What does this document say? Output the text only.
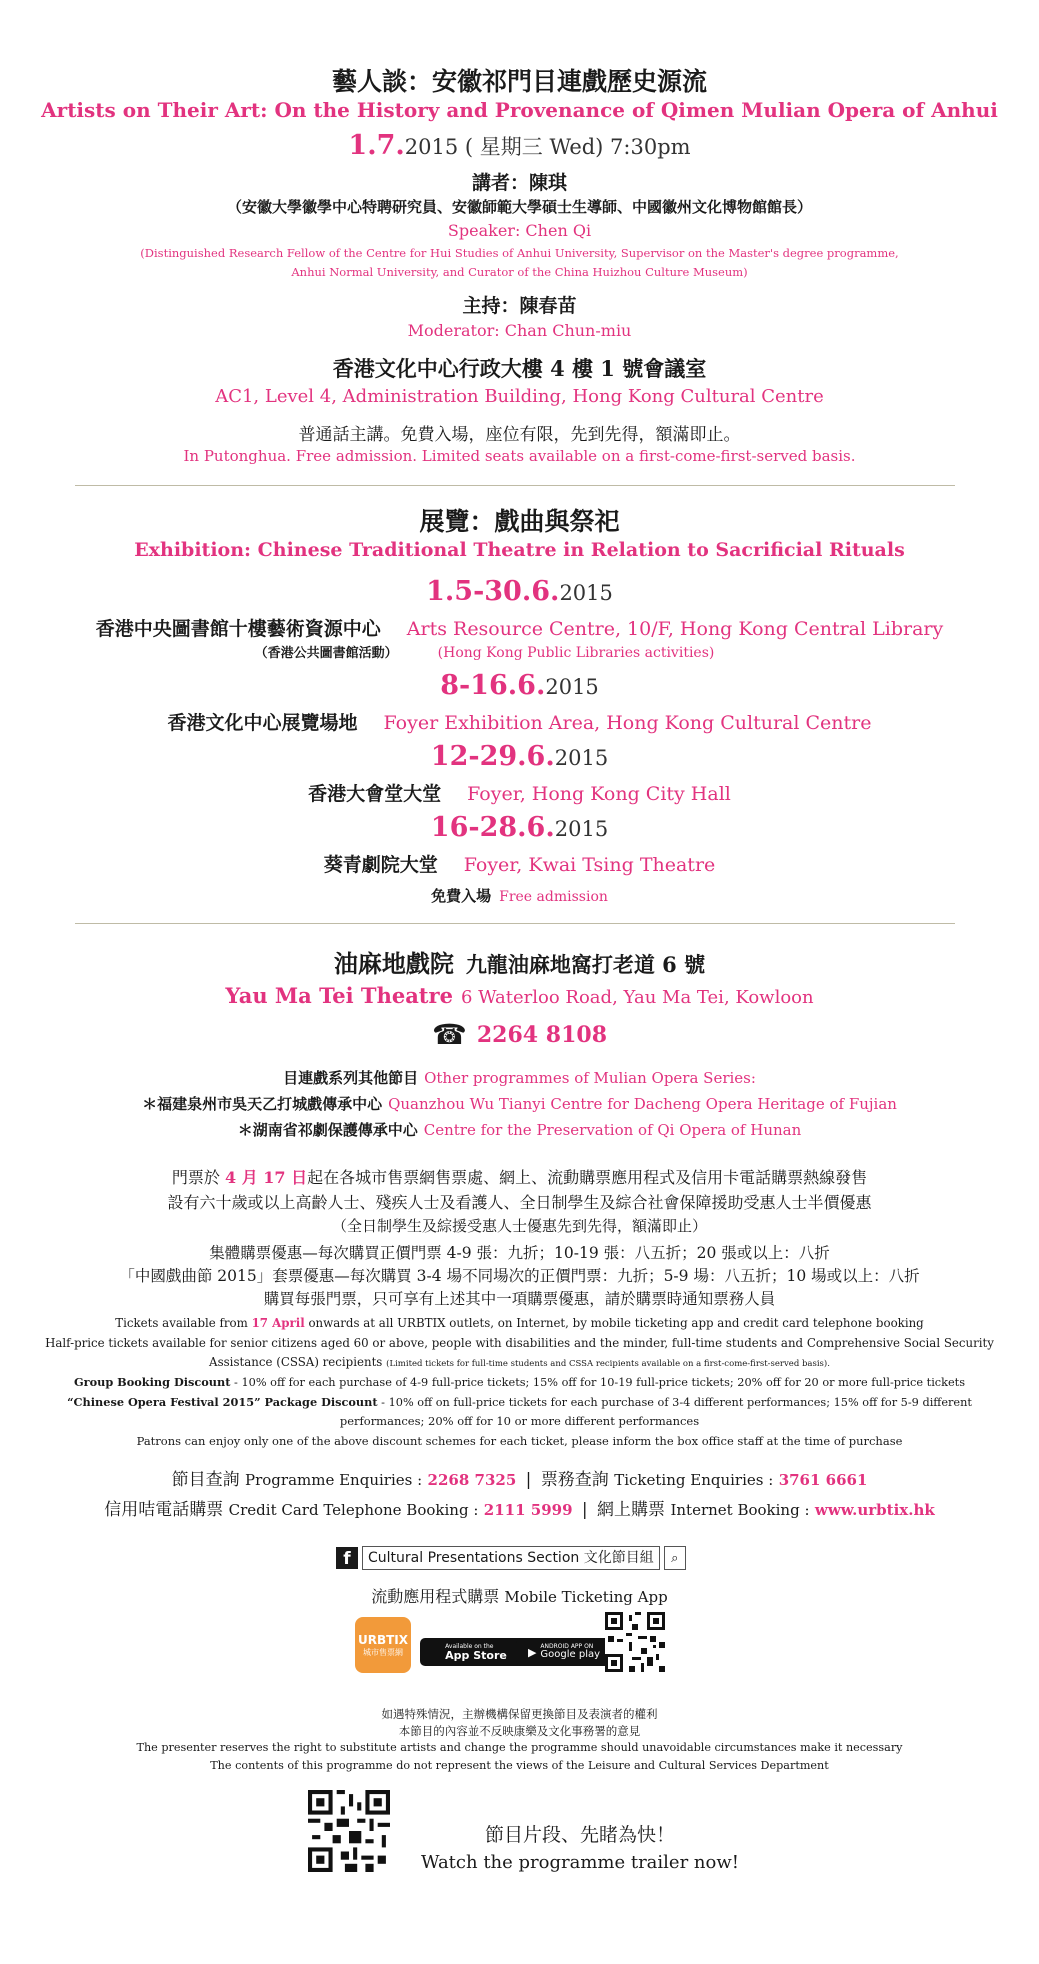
藝人談：安徽祁門目連戲歷史源流
Artists on Their Art: On the History and Provenance of Qimen Mulian Opera of Anhui
1.7.2015 ( 星期三 Wed) 7:30pm
講者：陳琪
（安徽大學徽學中心特聘研究員、安徽師範大學碩士生導師、中國徽州文化博物館館長）
Speaker: Chen Qi
(Distinguished Research Fellow of the Centre for Hui Studies of Anhui University, Supervisor on the Master's degree programme,
Anhui Normal University, and Curator of the China Huizhou Culture Museum)
主持：陳春苗
Moderator: Chan Chun-miu
香港文化中心行政大樓 4 樓 1 號會議室
AC1, Level 4, Administration Building, Hong Kong Cultural Centre
普通話主講。免費入場，座位有限，先到先得，額滿即止。
In Putonghua. Free admission. Limited seats available on a first-come-first-served basis.
展覽：戲曲與祭祀
Exhibition: Chinese Traditional Theatre in Relation to Sacrificial Rituals
1.5-30.6.2015
香港中央圖書館十樓藝術資源中心 Arts Resource Centre, 10/F, Hong Kong Central Library
（香港公共圖書館活動）	(Hong Kong Public Libraries activities)
8-16.6.2015
香港文化中心展覽場地 Foyer Exhibition Area, Hong Kong Cultural Centre
12-29.6.2015
香港大會堂大堂 Foyer, Hong Kong City Hall
16-28.6.2015
葵青劇院大堂 Foyer, Kwai Tsing Theatre
免費入場 Free admission
油麻地戲院 九龍油麻地窩打老道 6 號
Yau Ma Tei Theatre 6 Waterloo Road, Yau Ma Tei, Kowloon
☎ 2264 8108
目連戲系列其他節目 Other programmes of Mulian Opera Series:
＊福建泉州市吳天乙打城戲傳承中心 Quanzhou Wu Tianyi Centre for Dacheng Opera Heritage of Fujian
＊湖南省祁劇保護傳承中心 Centre for the Preservation of Qi Opera of Hunan
門票於 4 月 17 日起在各城市售票網售票處、網上、流動購票應用程式及信用卡電話購票熱線發售
設有六十歲或以上高齡人士、殘疾人士及看護人、全日制學生及綜合社會保障援助受惠人士半價優惠
（全日制學生及綜援受惠人士優惠先到先得，額滿即止）
集體購票優惠—每次購買正價門票 4-9 張：九折；10-19 張：八五折；20 張或以上：八折
「中國戲曲節 2015」套票優惠—每次購買 3-4 場不同場次的正價門票：九折；5-9 場：八五折；10 場或以上：八折
購買每張門票，只可享有上述其中一項購票優惠，請於購票時通知票務人員
Tickets available from 17 April onwards at all URBTIX outlets, on Internet, by mobile ticketing app and credit card telephone booking
Half-price tickets available for senior citizens aged 60 or above, people with disabilities and the minder, full-time students and Comprehensive Social Security
Assistance (CSSA) recipients (Limited tickets for full-time students and CSSA recipients available on a first-come-first-served basis).
Group Booking Discount - 10% off for each purchase of 4-9 full-price tickets; 15% off for 10-19 full-price tickets; 20% off for 20 or more full-price tickets
“Chinese Opera Festival 2015” Package Discount - 10% off on full-price tickets for each purchase of 3-4 different performances; 15% off for 5-9 different
performances; 20% off for 10 or more different performances
Patrons can enjoy only one of the above discount schemes for each ticket, please inform the box office staff at the time of purchase
節目查詢 Programme Enquiries : 2268 7325 | 票務查詢 Ticketing Enquiries : 3761 6661
信用咭電話購票 Credit Card Telephone Booking : 2111 5999 | 網上購票 Internet Booking : www.urbtix.hk
f	Cultural Presentations Section 文化節目組	⌕
流動應用程式購票 Mobile Ticketing App
URBTIX
城市售票網
Available on the
App Store ▶ ANDROID APP ON
Google play
如遇特殊情況，主辦機構保留更換節目及表演者的權利
本節目的內容並不反映康樂及文化事務署的意見
The presenter reserves the right to substitute artists and change the programme should unavoidable circumstances make it necessary
The contents of this programme do not represent the views of the Leisure and Cultural Services Department
節目片段、先睹為快！
Watch the programme trailer now!
